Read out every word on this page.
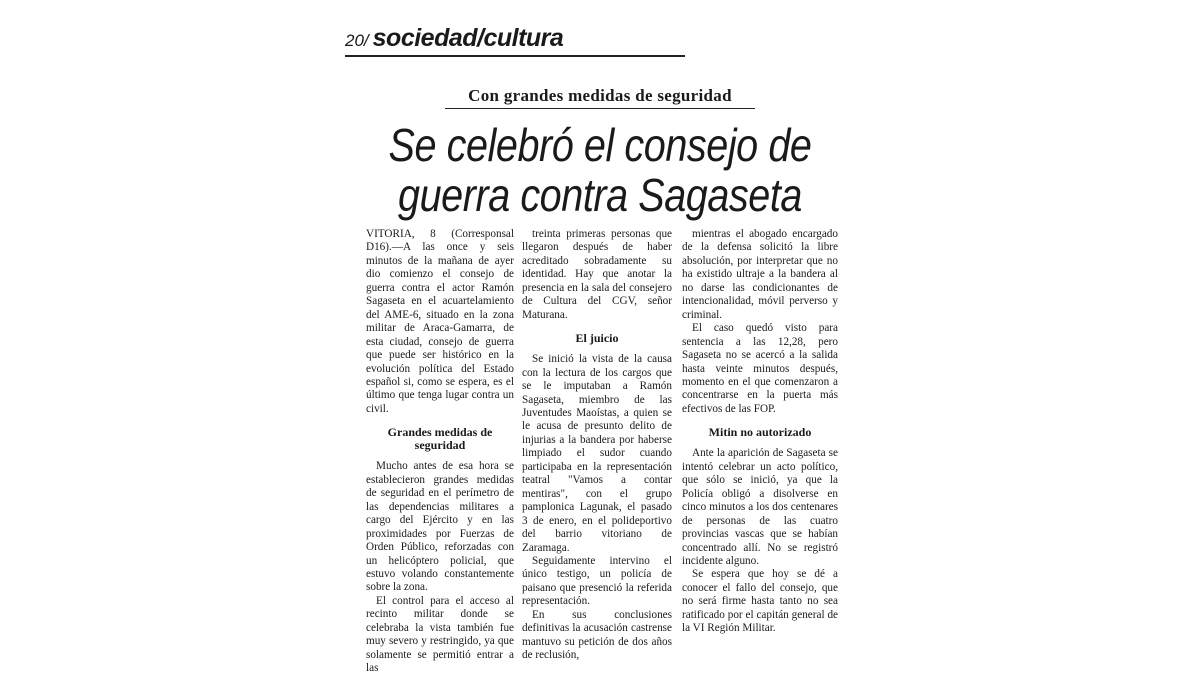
20/ sociedad/cultura
Con grandes medidas de seguridad
Se celebró el consejo de
guerra contra Sagaseta

VITORIA, 8 (Corresponsal D16).—A las once y seis minutos de la mañana de ayer dio comienzo el consejo de guerra contra el actor Ramón Sagaseta en el acuartelamiento del AME-6, situado en la zona militar de Araca-Gamarra, de esta ciudad, consejo de guerra que puede ser histórico en la evolución política del Estado español si, como se espera, es el último que tenga lugar contra un civil.

Grandes medidas de seguridad

Mucho antes de esa hora se establecieron grandes medidas de seguridad en el perímetro de las dependencias militares a cargo del Ejército y en las proximidades por Fuerzas de Orden Público, reforzadas con un helicóptero policial, que estuvo volando constantemente sobre la zona.

El control para el acceso al recinto militar donde se celebraba la vista también fue muy severo y restringido, ya que solamente se permitió entrar a las

treinta primeras personas que llegaron después de haber acreditado sobradamente su identidad. Hay que anotar la presencia en la sala del consejero de Cultura del CGV, señor Maturana.

El juicio

Se inició la vista de la causa con la lectura de los cargos que se le imputaban a Ramón Sagaseta, miembro de las Juventudes Maoístas, a quien se le acusa de presunto delito de injurias a la bandera por haberse limpiado el sudor cuando participaba en la representación teatral "Vamos a contar mentiras", con el grupo pamplonica Lagunak, el pasado 3 de enero, en el polideportivo del barrio vitoriano de Zaramaga.

Seguidamente intervino el único testigo, un policía de paisano que presenció la referida representación.

En sus conclusiones definitivas la acusación castrense mantuvo su petición de dos años de reclusión,

mientras el abogado encargado de la defensa solicitó la libre absolución, por interpretar que no ha existido ultraje a la bandera al no darse las condicionantes de intencionalidad, móvil perverso y criminal.

El caso quedó visto para sentencia a las 12,28, pero Sagaseta no se acercó a la salida hasta veinte minutos después, momento en el que comenzaron a concentrarse en la puerta más efectivos de las FOP.

Mitin no autorizado

Ante la aparición de Sagaseta se intentó celebrar un acto político, que sólo se inició, ya que la Policía obligó a disolverse en cinco minutos a los dos centenares de personas de las cuatro provincias vascas que se habían concentrado allí. No se registró incidente alguno.

Se espera que hoy se dé a conocer el fallo del consejo, que no será firme hasta tanto no sea ratificado por el capitán general de la VI Región Militar.
